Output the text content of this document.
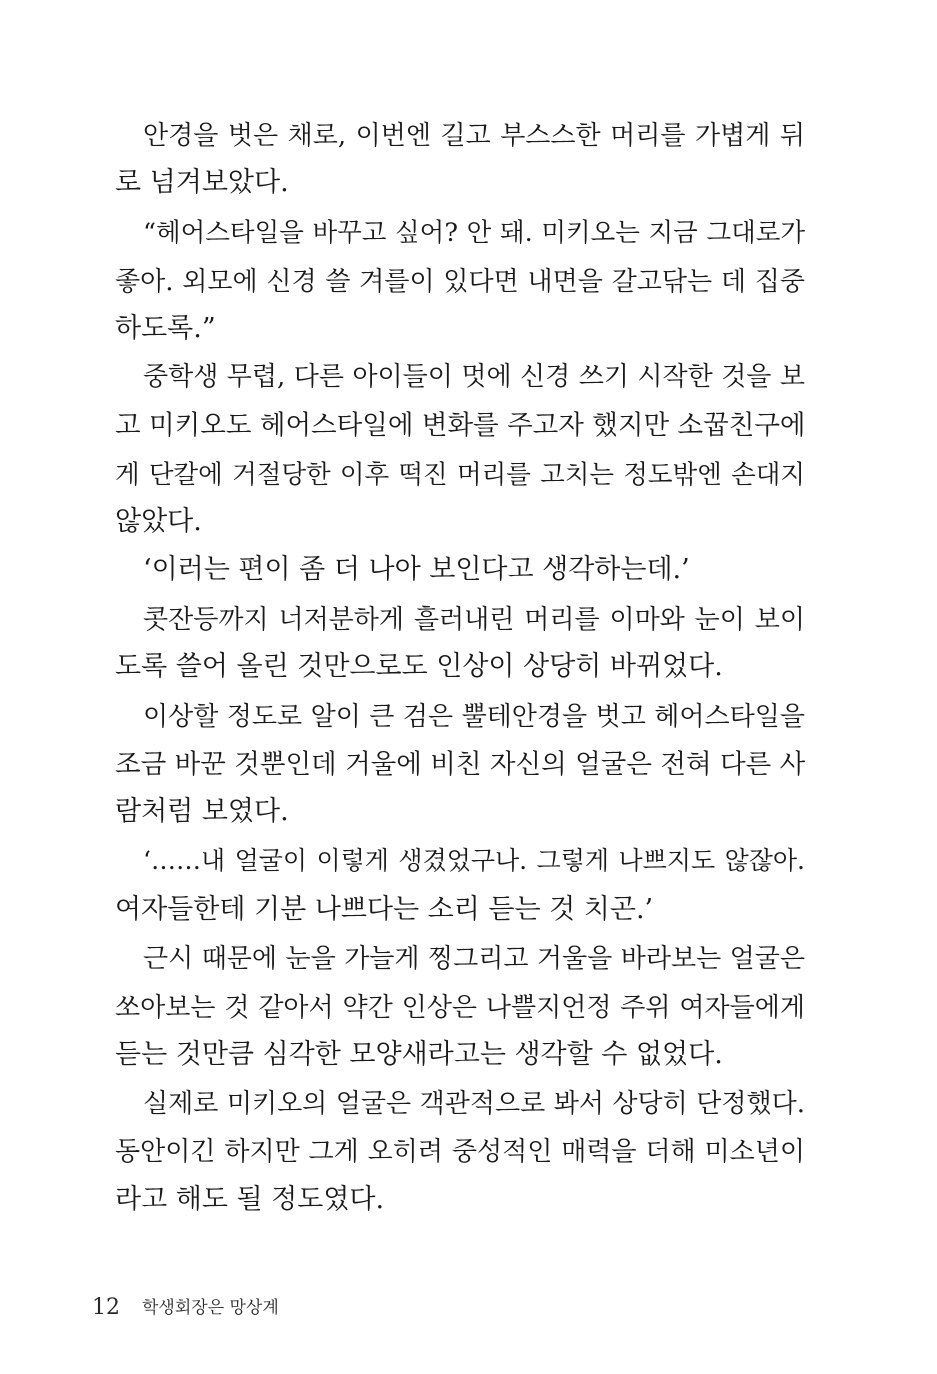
안경을 벗은 채로, 이번엔 길고 부스스한 머리를 가볍게 뒤
로 넘겨보았다.
“헤어스타일을 바꾸고 싶어? 안 돼. 미키오는 지금 그대로가
좋아. 외모에 신경 쓸 겨를이 있다면 내면을 갈고닦는 데 집중
하도록.”
중학생 무렵, 다른 아이들이 멋에 신경 쓰기 시작한 것을 보
고 미키오도 헤어스타일에 변화를 주고자 했지만 소꿉친구에
게 단칼에 거절당한 이후 떡진 머리를 고치는 정도밖엔 손대지
않았다.
‘이러는 편이 좀 더 나아 보인다고 생각하는데.’
콧잔등까지 너저분하게 흘러내린 머리를 이마와 눈이 보이
도록 쓸어 올린 것만으로도 인상이 상당히 바뀌었다.
이상할 정도로 알이 큰 검은 뿔테안경을 벗고 헤어스타일을
조금 바꾼 것뿐인데 거울에 비친 자신의 얼굴은 전혀 다른 사
람처럼 보였다.
‘……내 얼굴이 이렇게 생겼었구나. 그렇게 나쁘지도 않잖아.
여자들한테 기분 나쁘다는 소리 듣는 것 치곤.’
근시 때문에 눈을 가늘게 찡그리고 거울을 바라보는 얼굴은
쏘아보는 것 같아서 약간 인상은 나쁠지언정 주위 여자들에게
듣는 것만큼 심각한 모양새라고는 생각할 수 없었다.
실제로 미키오의 얼굴은 객관적으로 봐서 상당히 단정했다.
동안이긴 하지만 그게 오히려 중성적인 매력을 더해 미소년이
라고 해도 될 정도였다.
12 학생회장은 망상계
